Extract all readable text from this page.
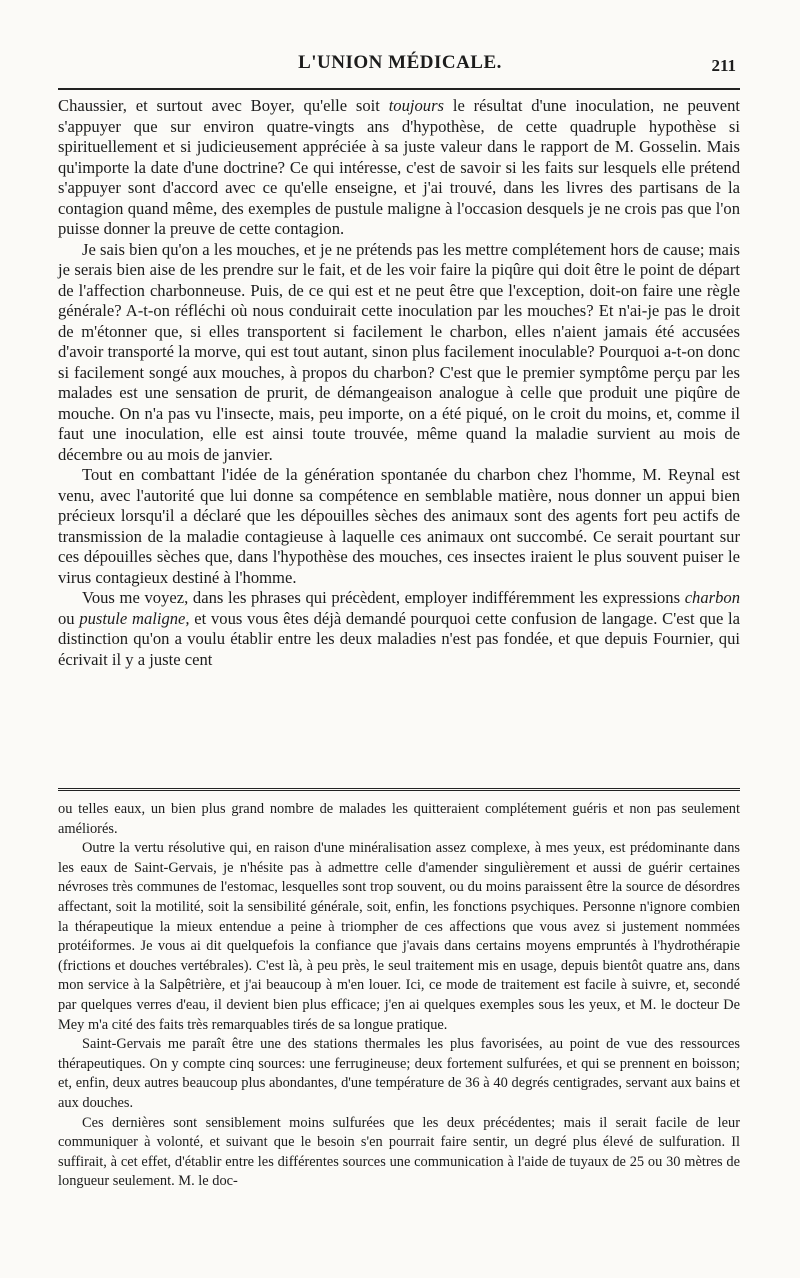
L'UNION MÉDICALE.	211

Chaussier, et surtout avec Boyer, qu'elle soit toujours le résultat d'une inoculation, ne peuvent s'appuyer que sur environ quatre-vingts ans d'hypothèse, de cette quadruple hypothèse si spirituellement et si judicieusement appréciée à sa juste valeur dans le rapport de M. Gosselin. Mais qu'importe la date d'une doctrine? Ce qui intéresse, c'est de savoir si les faits sur lesquels elle prétend s'appuyer sont d'accord avec ce qu'elle enseigne, et j'ai trouvé, dans les livres des partisans de la contagion quand même, des exemples de pustule maligne à l'occasion desquels je ne crois pas que l'on puisse donner la preuve de cette contagion.

Je sais bien qu'on a les mouches, et je ne prétends pas les mettre complétement hors de cause; mais je serais bien aise de les prendre sur le fait, et de les voir faire la piqûre qui doit être le point de départ de l'affection charbonneuse. Puis, de ce qui est et ne peut être que l'exception, doit-on faire une règle générale? A-t-on réfléchi où nous conduirait cette inoculation par les mouches? Et n'ai-je pas le droit de m'étonner que, si elles transportent si facilement le charbon, elles n'aient jamais été accusées d'avoir transporté la morve, qui est tout autant, sinon plus facilement inoculable? Pourquoi a-t-on donc si facilement songé aux mouches, à propos du charbon? C'est que le premier symptôme perçu par les malades est une sensation de prurit, de démangeaison analogue à celle que produit une piqûre de mouche. On n'a pas vu l'insecte, mais, peu importe, on a été piqué, on le croit du moins, et, comme il faut une inoculation, elle est ainsi toute trouvée, même quand la maladie survient au mois de décembre ou au mois de janvier.

Tout en combattant l'idée de la génération spontanée du charbon chez l'homme, M. Reynal est venu, avec l'autorité que lui donne sa compétence en semblable matière, nous donner un appui bien précieux lorsqu'il a déclaré que les dépouilles sèches des animaux sont des agents fort peu actifs de transmission de la maladie contagieuse à laquelle ces animaux ont succombé. Ce serait pourtant sur ces dépouilles sèches que, dans l'hypothèse des mouches, ces insectes iraient le plus souvent puiser le virus contagieux destiné à l'homme.

Vous me voyez, dans les phrases qui précèdent, employer indifféremment les expressions charbon ou pustule maligne, et vous vous êtes déjà demandé pourquoi cette confusion de langage. C'est que la distinction qu'on a voulu établir entre les deux maladies n'est pas fondée, et que depuis Fournier, qui écrivait il y a juste cent

ou telles eaux, un bien plus grand nombre de malades les quitteraient complétement guéris et non pas seulement améliorés.

Outre la vertu résolutive qui, en raison d'une minéralisation assez complexe, à mes yeux, est prédominante dans les eaux de Saint-Gervais, je n'hésite pas à admettre celle d'amender singulièrement et aussi de guérir certaines névroses très communes de l'estomac, lesquelles sont trop souvent, ou du moins paraissent être la source de désordres affectant, soit la motilité, soit la sensibilité générale, soit, enfin, les fonctions psychiques. Personne n'ignore combien la thérapeutique la mieux entendue a peine à triompher de ces affections que vous avez si justement nommées protéiformes. Je vous ai dit quelquefois la confiance que j'avais dans certains moyens empruntés à l'hydrothérapie (frictions et douches vertébrales). C'est là, à peu près, le seul traitement mis en usage, depuis bientôt quatre ans, dans mon service à la Salpêtrière, et j'ai beaucoup à m'en louer. Ici, ce mode de traitement est facile à suivre, et, secondé par quelques verres d'eau, il devient bien plus efficace; j'en ai quelques exemples sous les yeux, et M. le docteur De Mey m'a cité des faits très remarquables tirés de sa longue pratique.

Saint-Gervais me paraît être une des stations thermales les plus favorisées, au point de vue des ressources thérapeutiques. On y compte cinq sources: une ferrugineuse; deux fortement sulfurées, et qui se prennent en boisson; et, enfin, deux autres beaucoup plus abondantes, d'une température de 36 à 40 degrés centigrades, servant aux bains et aux douches.

Ces dernières sont sensiblement moins sulfurées que les deux précédentes; mais il serait facile de leur communiquer à volonté, et suivant que le besoin s'en pourrait faire sentir, un degré plus élevé de sulfuration. Il suffirait, à cet effet, d'établir entre les différentes sources une communication à l'aide de tuyaux de 25 ou 30 mètres de longueur seulement. M. le doc-
